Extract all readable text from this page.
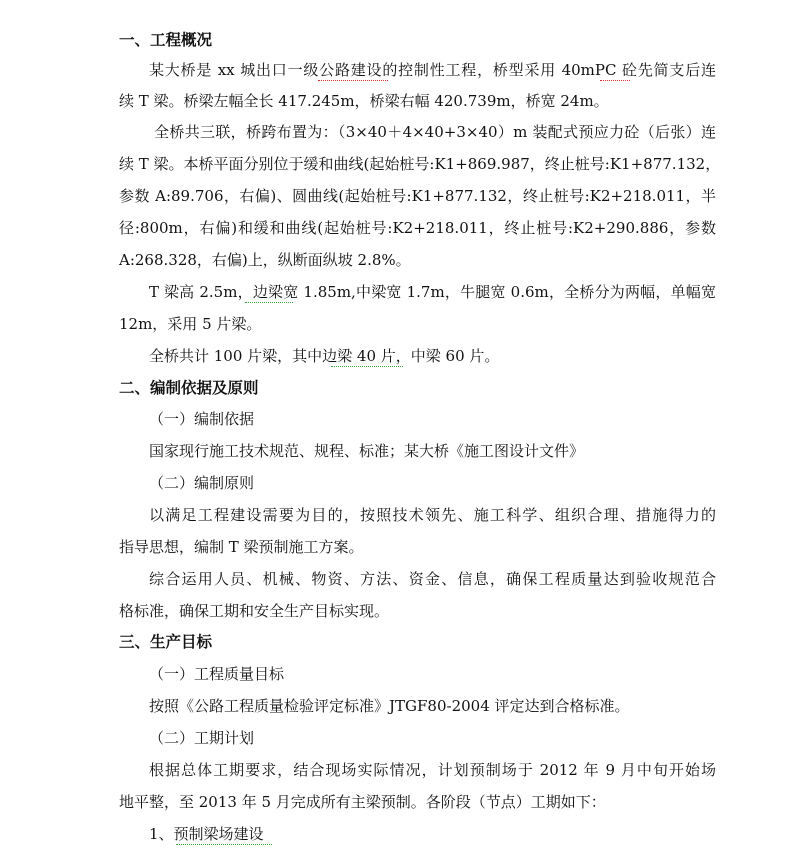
一、工程概况
某大桥是 xx 城出口一级公路建设的控制性工程，桥型采用 40mPC 砼先简支后连
续 T 梁。桥梁左幅全长 417.245m，桥梁右幅 420.739m，桥宽 24m。
全桥共三联，桥跨布置为：（3×40＋4×40+3×40）m 装配式预应力砼（后张）连
续 T 梁。本桥平面分别位于缓和曲线(起始桩号:K1+869.987，终止桩号:K1+877.132，
参数 A:89.706，右偏)、圆曲线(起始桩号:K1+877.132，终止桩号:K2+218.011，半
径:800m，右偏)和缓和曲线(起始桩号:K2+218.011，终止桩号:K2+290.886，参数
A:268.328，右偏)上，纵断面纵坡 2.8%。
T 梁高 2.5m，边梁宽 1.85m,中梁宽 1.7m，牛腿宽 0.6m，全桥分为两幅，单幅宽
12m，采用 5 片梁。
全桥共计 100 片梁，其中边梁 40 片，中梁 60 片。
二、编制依据及原则
（一）编制依据
国家现行施工技术规范、规程、标准；某大桥《施工图设计文件》
（二）编制原则
以满足工程建设需要为目的，按照技术领先、施工科学、组织合理、措施得力的
指导思想，编制 T 梁预制施工方案。
综合运用人员、机械、物资、方法、资金、信息，确保工程质量达到验收规范合
格标准，确保工期和安全生产目标实现。
三、生产目标
（一）工程质量目标
按照《公路工程质量检验评定标准》JTGF80-2004 评定达到合格标准。
（二）工期计划
根据总体工期要求，结合现场实际情况，计划预制场于 2012 年 9 月中旬开始场
地平整，至 2013 年 5 月完成所有主梁预制。各阶段（节点）工期如下：
1、预制梁场建设
